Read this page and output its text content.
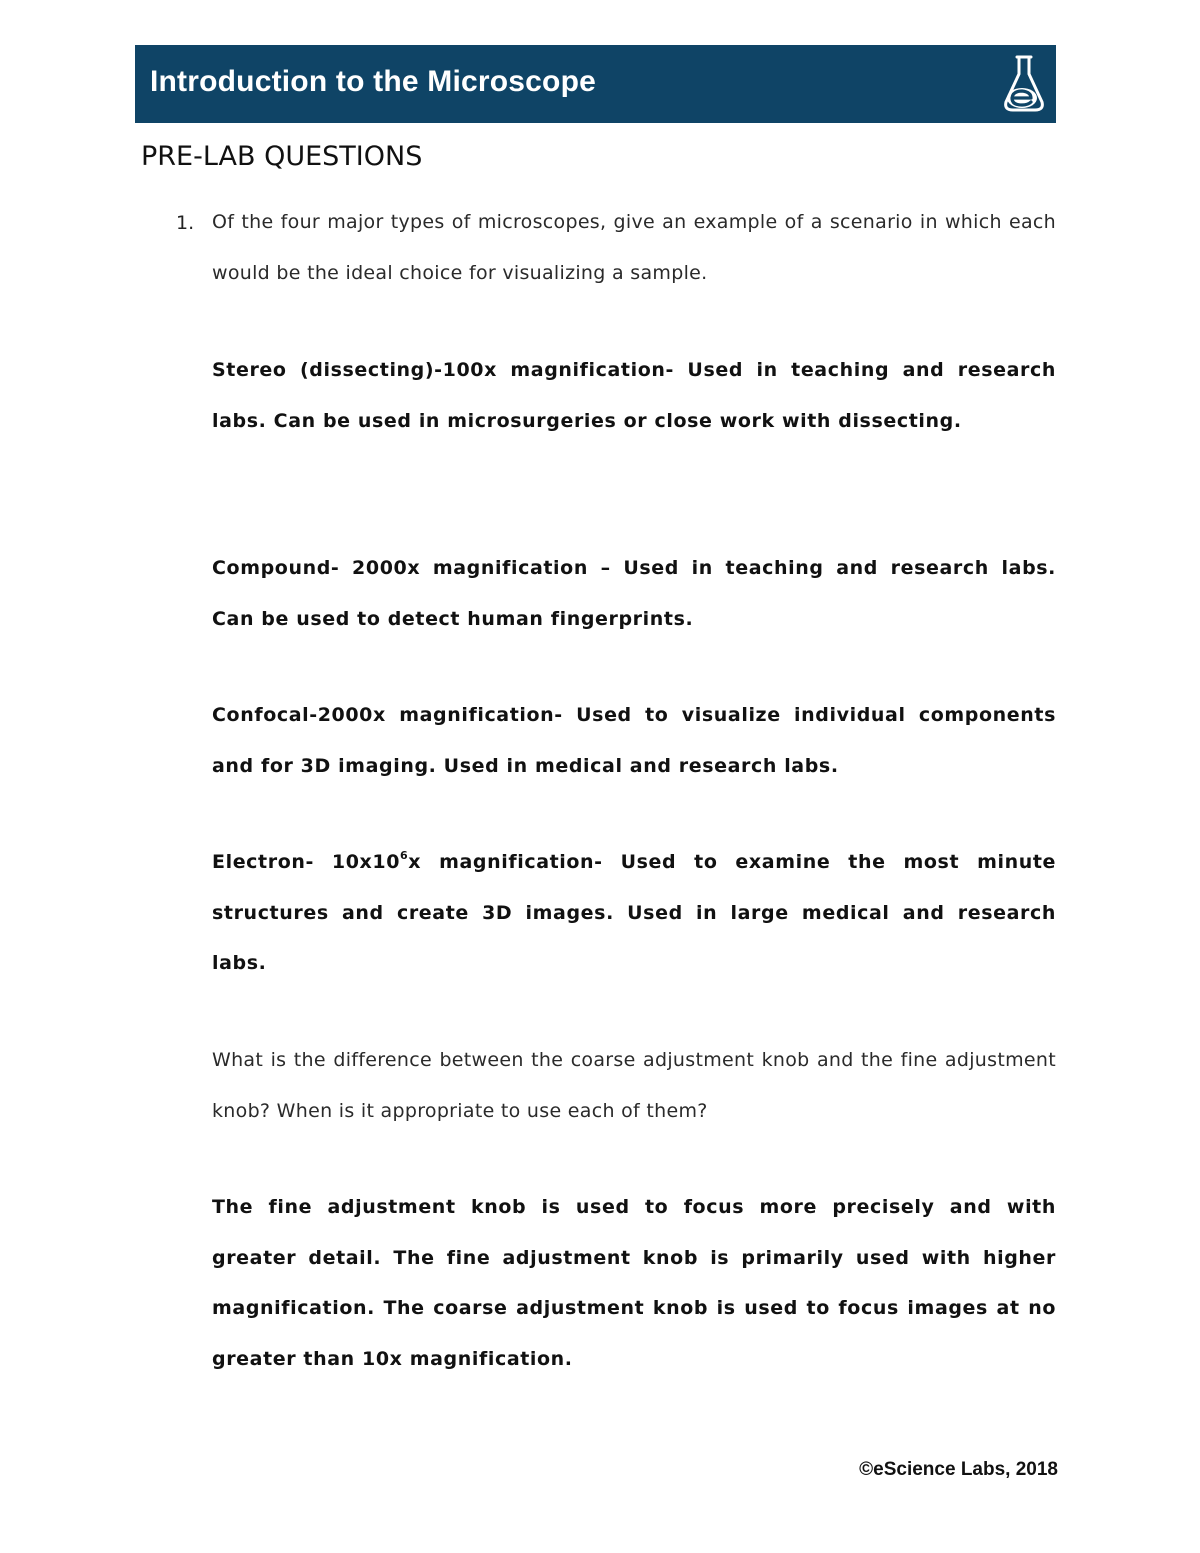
Introduction to the Microscope
PRE-LAB QUESTIONS
1. Of the four major types of microscopes, give an example of a scenario in which each would be the ideal choice for visualizing a sample.

Stereo (dissecting)-100x magnification- Used in teaching and research labs. Can be used in microsurgeries or close work with dissecting.

Compound- 2000x magnification – Used in teaching and research labs. Can be used to detect human fingerprints.

Confocal-2000x magnification- Used to visualize individual components and for 3D imaging. Used in medical and research labs.

Electron- $10x10^6x$ magnification- Used to examine the most minute structures and create 3D images. Used in large medical and research labs.

What is the difference between the coarse adjustment knob and the fine adjustment knob? When is it appropriate to use each of them?

The fine adjustment knob is used to focus more precisely and with greater detail. The fine adjustment knob is primarily used with higher magnification. The coarse adjustment knob is used to focus images at no greater than 10x magnification.

©eScience Labs, 2018
